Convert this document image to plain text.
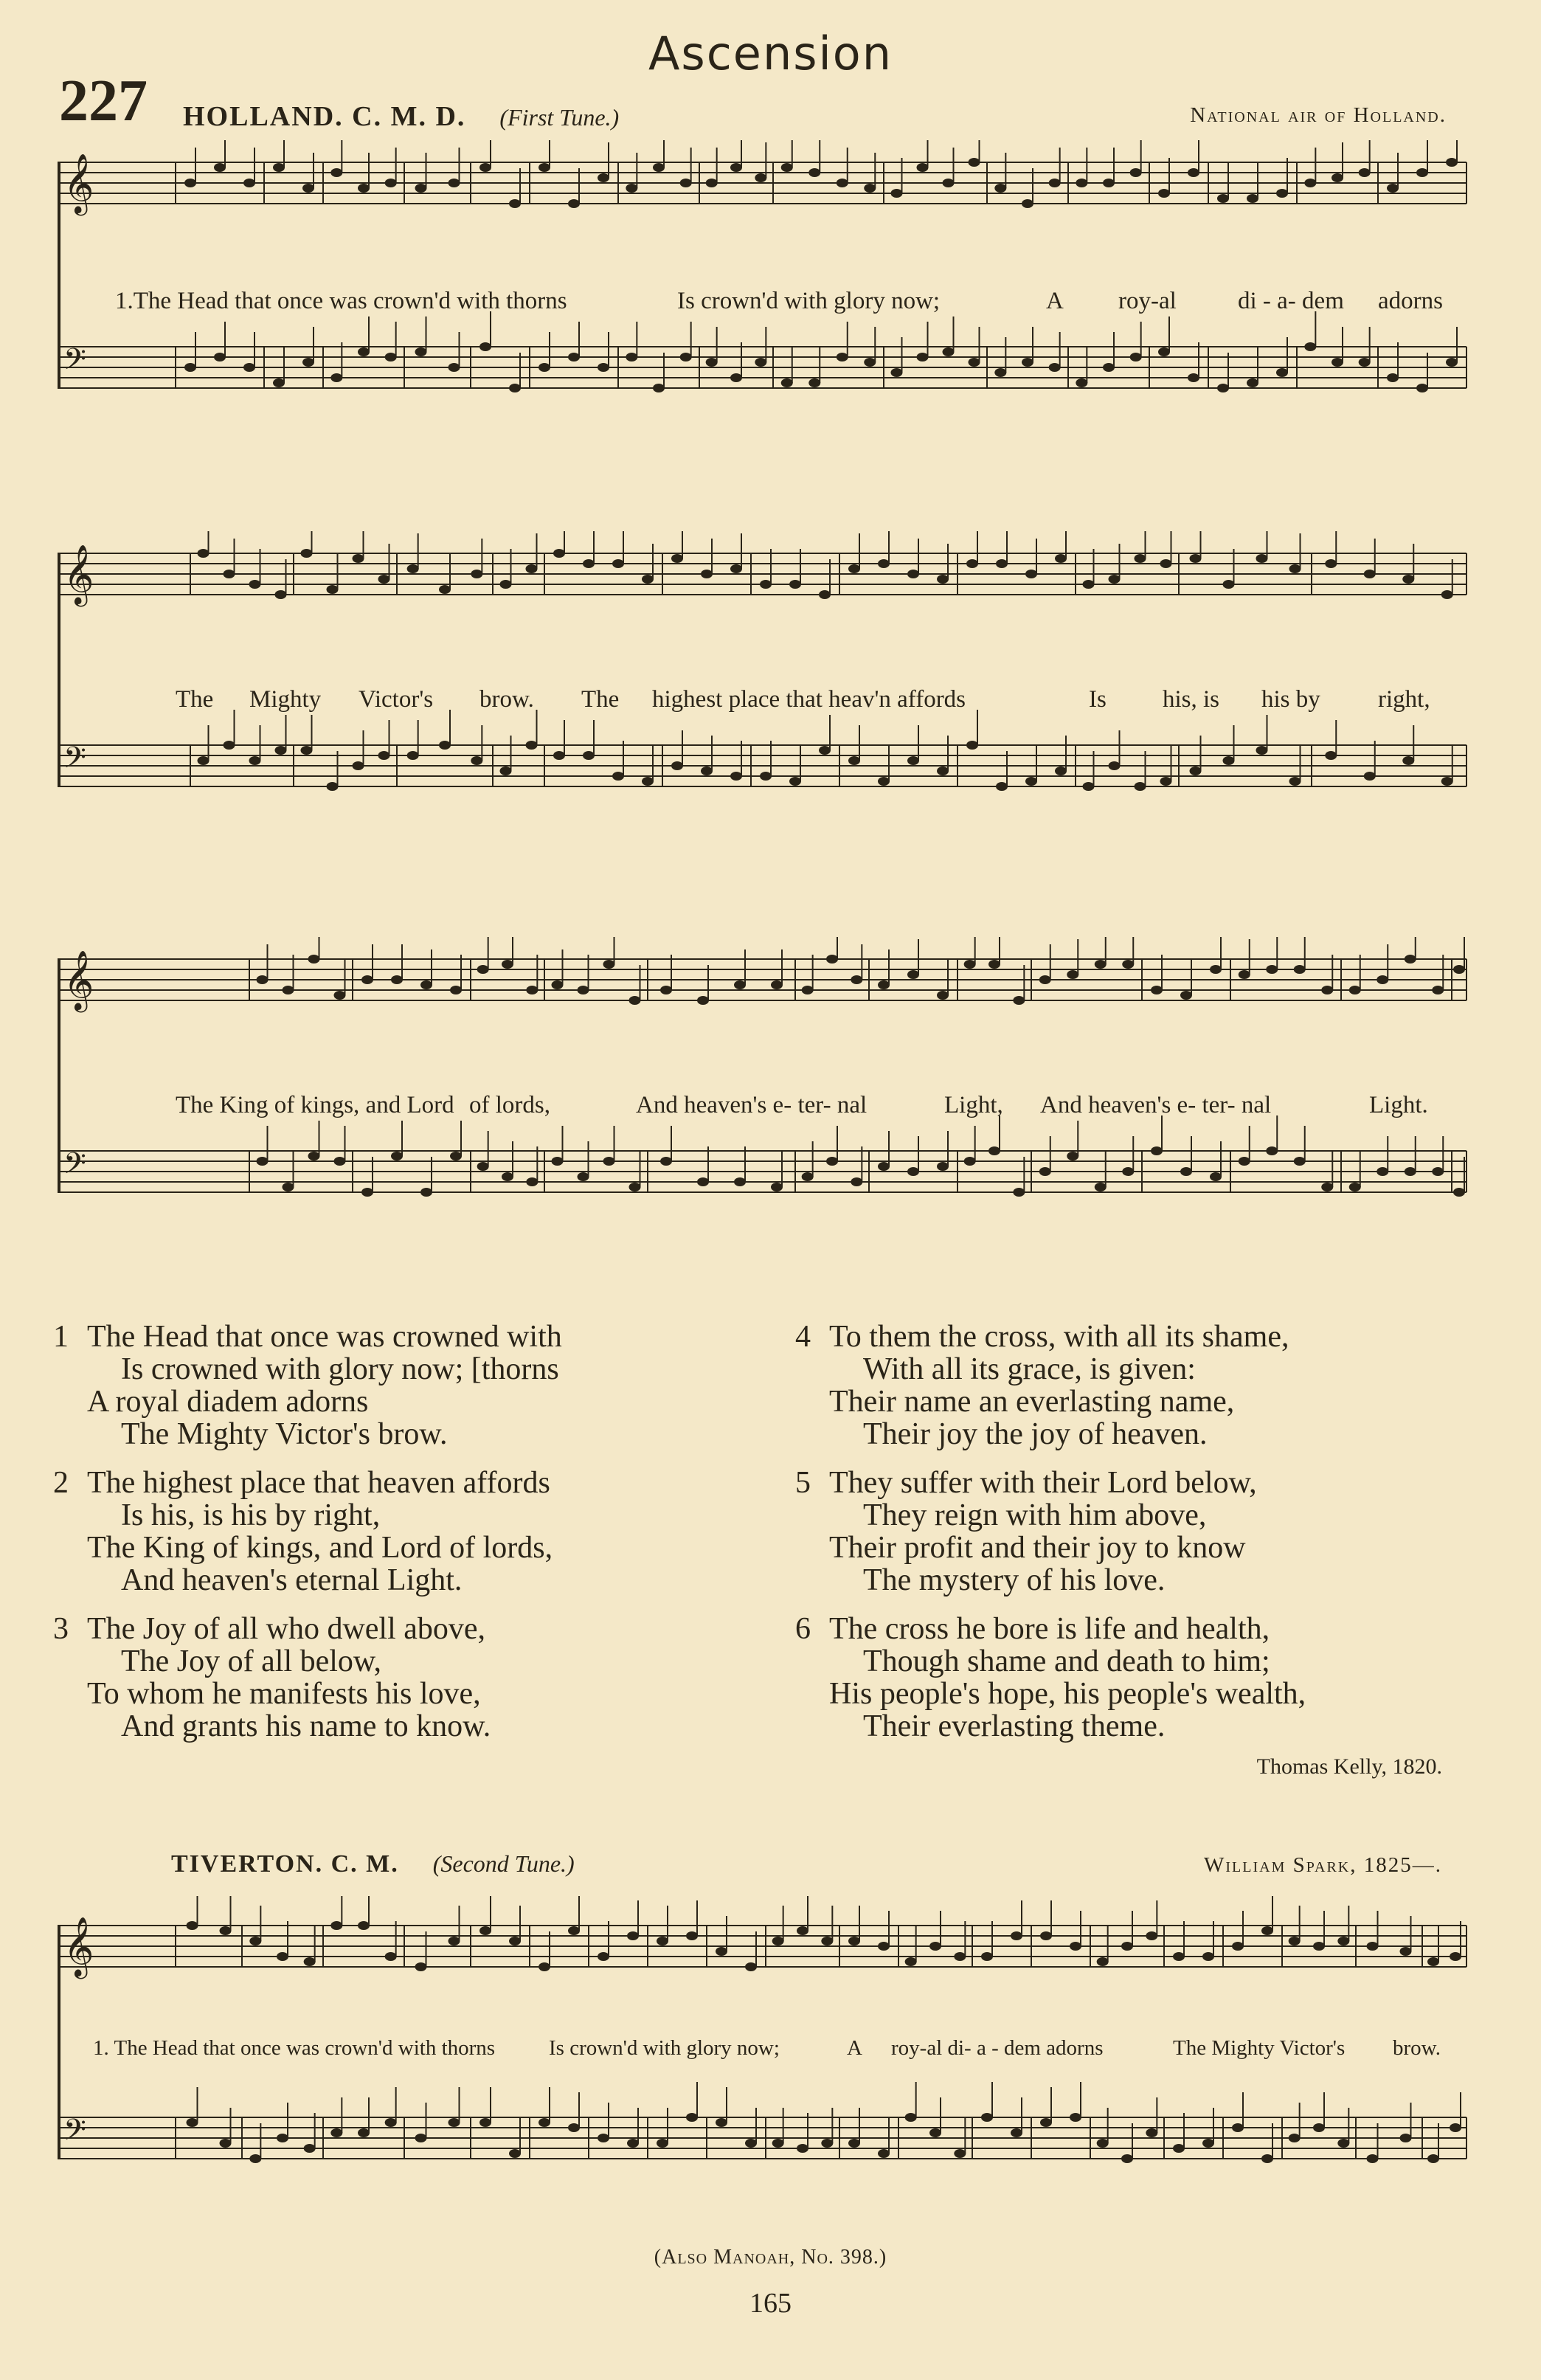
Ascension
227 HOLLAND. C. M. D. (First Tune.)	National air of Holland.
𝄞
𝄢
1.The Head that once was crown'd with thorns	Is crown'd with glory now;	A roy-al	di - a- dem adorns
𝄞
𝄢
The Mighty Victor's brow. The highest place that heav'n affords	Is his, is his by right,
𝄞
𝄢
The King of kings, and Lord of lords,	And heaven's e- ter- nal	Light, And heaven's e- ter- nal	Light.
1 The Head that once was crowned with
Is crowned with glory now; [thorns
A royal diadem adorns
The Mighty Victor's brow.
2 The highest place that heaven affords
Is his, is his by right,
The King of kings, and Lord of lords,
And heaven's eternal Light.
3 The Joy of all who dwell above,
The Joy of all below,
To whom he manifests his love,
And grants his name to know.
4 To them the cross, with all its shame,
With all its grace, is given:
Their name an everlasting name,
Their joy the joy of heaven.
5 They suffer with their Lord below,
They reign with him above,
Their profit and their joy to know
The mystery of his love.
6 The cross he bore is life and health,
Though shame and death to him;
His people's hope, his people's wealth,
Their everlasting theme.
Thomas Kelly, 1820.
TIVERTON. C. M. (Second Tune.)	William Spark, 1825—.
𝄞
𝄢
1. The Head that once was crown'd with thorns	Is crown'd with glory now;	A roy-al di- a - dem adorns	The Mighty Victor's brow.
(Also Manoah, No. 398.)
165
